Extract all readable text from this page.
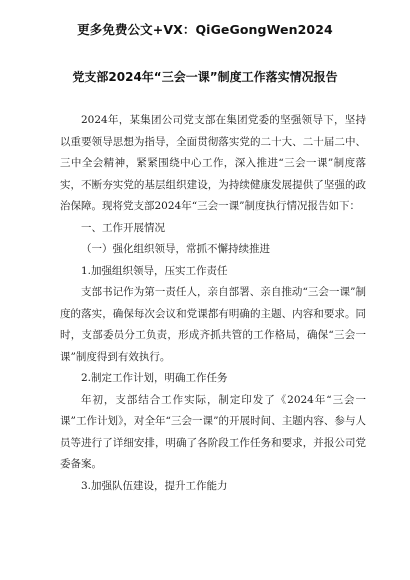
更多免费公文+VX：QiGeGongWen2024
党支部2024年“三会一课”制度工作落实情况报告

2024年，某集团公司党支部在集团党委的坚强领导下，坚持以重要领导思想为指导，全面贯彻落实党的二十大、二十届二中、三中全会精神，紧紧围绕中心工作，深入推进“三会一课”制度落实，不断夯实党的基层组织建设，为持续健康发展提供了坚强的政治保障。现将党支部2024年“三会一课”制度执行情况报告如下：

一、工作开展情况

（一）强化组织领导，常抓不懈持续推进

1.加强组织领导，压实工作责任

支部书记作为第一责任人，亲自部署、亲自推动“三会一课”制度的落实，确保每次会议和党课都有明确的主题、内容和要求。同时，支部委员分工负责，形成齐抓共管的工作格局，确保“三会一课”制度得到有效执行。

2.制定工作计划，明确工作任务

年初，支部结合工作实际，制定印发了《2024年“三会一课”工作计划》，对全年“三会一课”的开展时间、主题内容、参与人员等进行了详细安排，明确了各阶段工作任务和要求，并报公司党委备案。

3.加强队伍建设，提升工作能力
